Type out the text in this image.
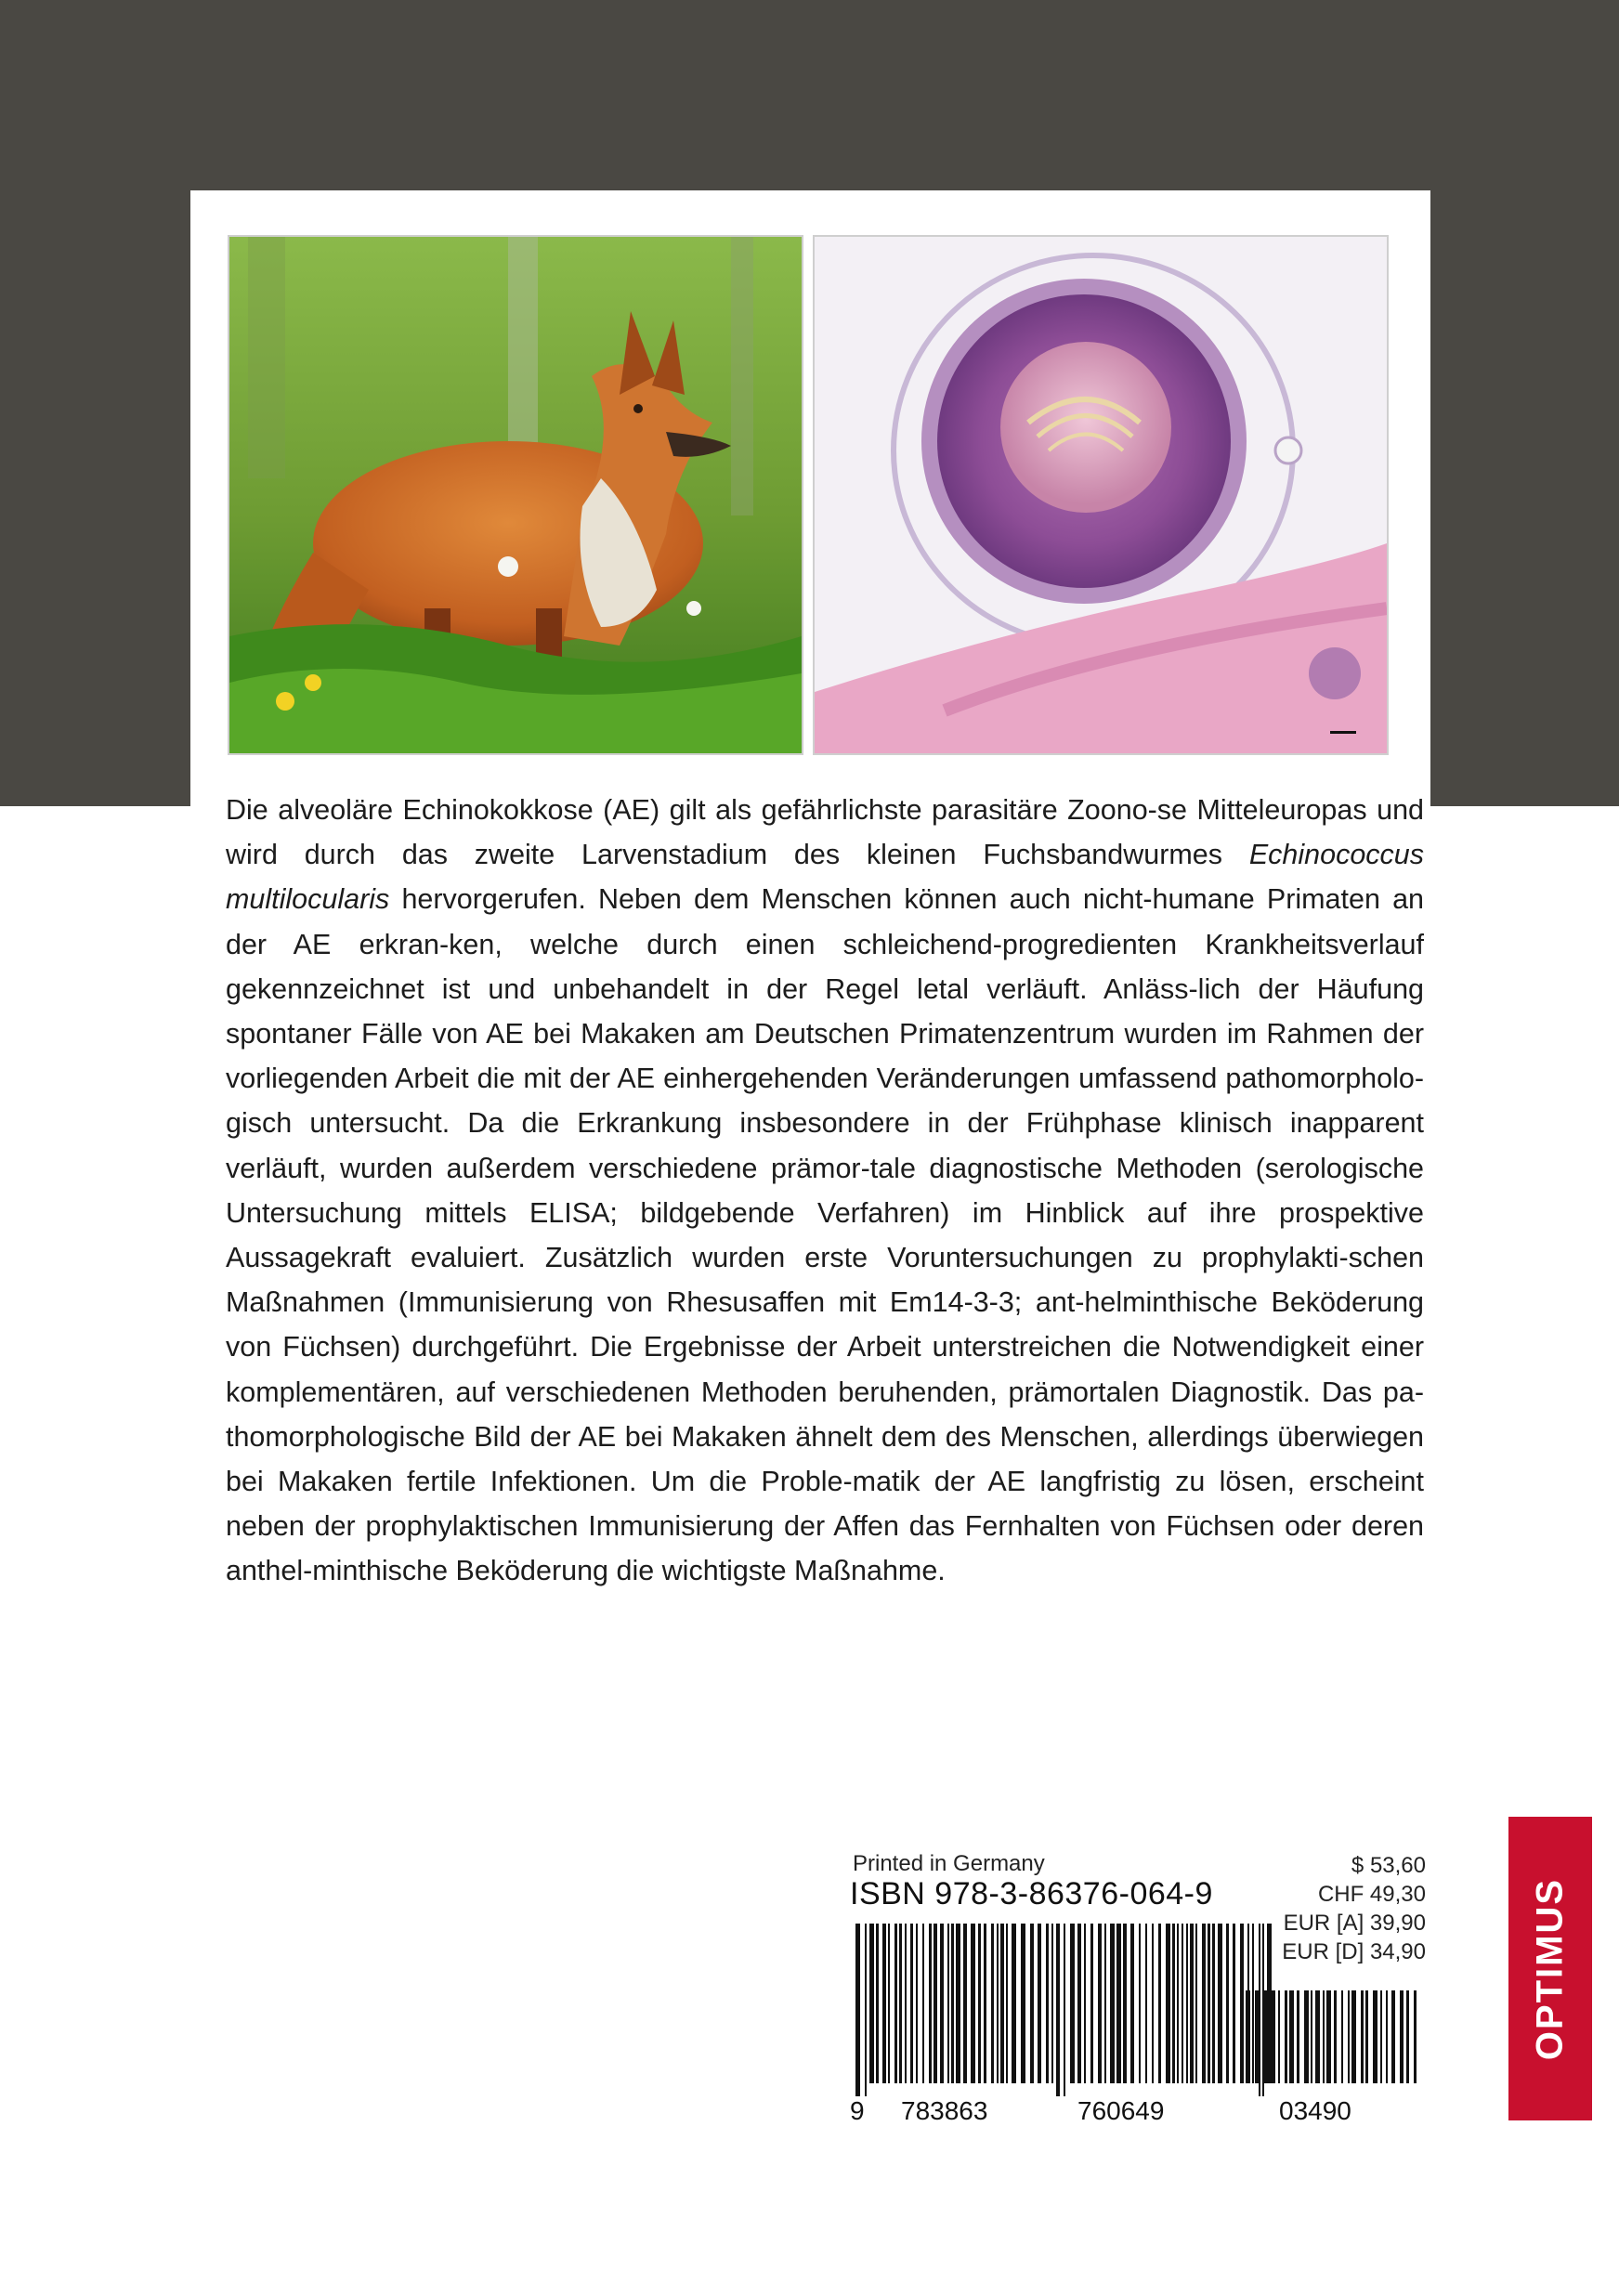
Die alveoläre Echinokokkose (AE) gilt als gefährlichste parasitäre Zoono-se Mitteleuropas und wird durch das zweite Larvenstadium des kleinen Fuchsbandwurmes Echinococcus multilocularis hervorgerufen. Neben dem Menschen können auch nicht-humane Primaten an der AE erkran-ken, welche durch einen schleichend-progredienten Krankheitsverlauf gekennzeichnet ist und unbehandelt in der Regel letal verläuft. Anläss-lich der Häufung spontaner Fälle von AE bei Makaken am Deutschen Primatenzentrum wurden im Rahmen der vorliegenden Arbeit die mit der AE einhergehenden Veränderungen umfassend pathomorpholo-gisch untersucht. Da die Erkrankung insbesondere in der Frühphase klinisch inapparent verläuft, wurden außerdem verschiedene prämor-tale diagnostische Methoden (serologische Untersuchung mittels ELISA; bildgebende Verfahren) im Hinblick auf ihre prospektive Aussagekraft evaluiert. Zusätzlich wurden erste Voruntersuchungen zu prophylakti-schen Maßnahmen (Immunisierung von Rhesusaffen mit Em14-3-3; ant-helminthische Beköderung von Füchsen) durchgeführt. Die Ergebnisse der Arbeit unterstreichen die Notwendigkeit einer komplementären, auf verschiedenen Methoden beruhenden, prämortalen Diagnostik. Das pa-thomorphologische Bild der AE bei Makaken ähnelt dem des Menschen, allerdings überwiegen bei Makaken fertile Infektionen. Um die Proble-matik der AE langfristig zu lösen, erscheint neben der prophylaktischen Immunisierung der Affen das Fernhalten von Füchsen oder deren anthel-minthische Beköderung die wichtigste Maßnahme.

Printed in Germany
ISBN 978-3-86376-064-9
$ 53,60
CHF 49,30
EUR [A] 39,90
EUR [D] 34,90
9 783863	760649	03490
OPTIMUS
